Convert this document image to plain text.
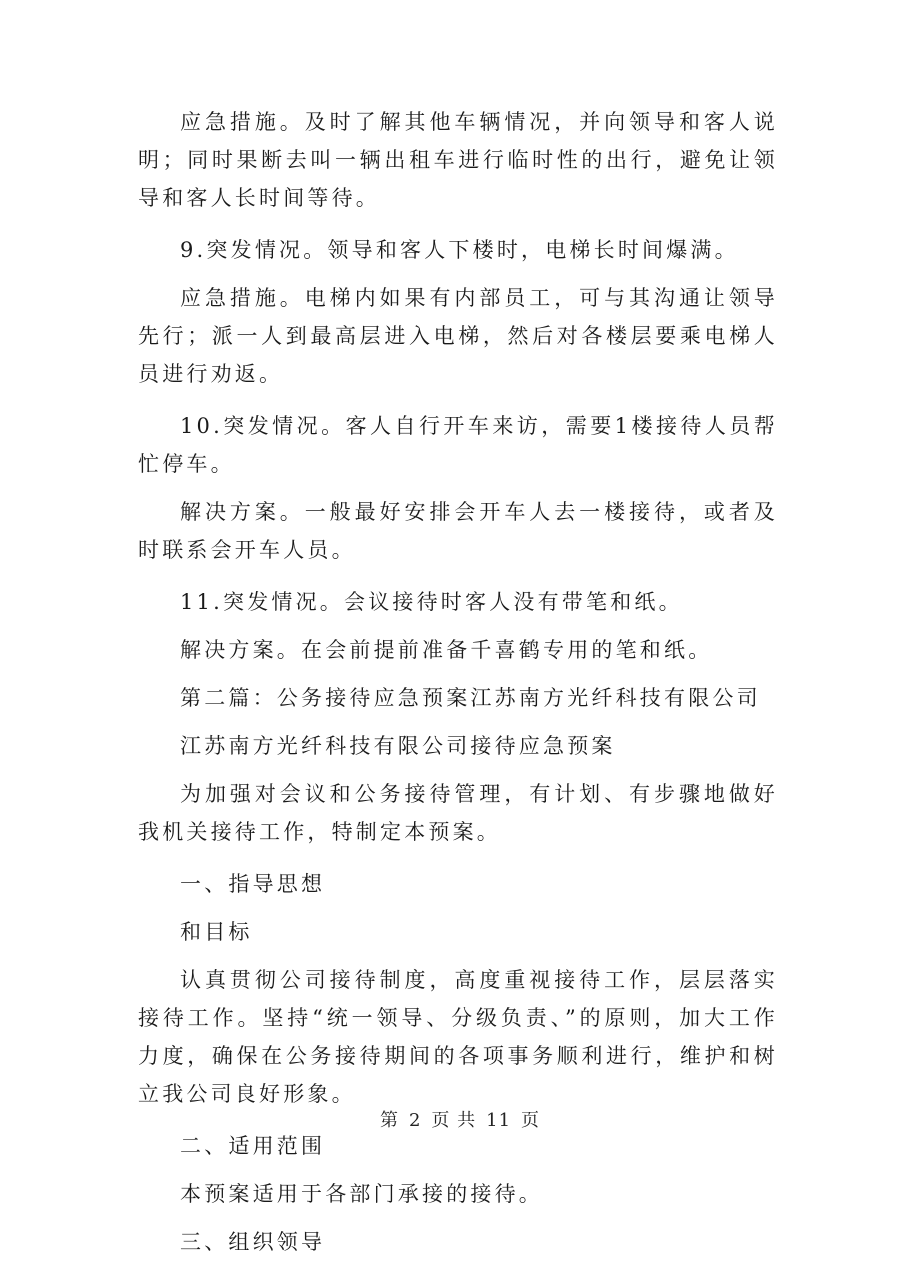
应急措施。及时了解其他车辆情况，并向领导和客人说明；同时果断去叫一辆出租车进行临时性的出行，避免让领导和客人长时间等待。

9.突发情况。领导和客人下楼时，电梯长时间爆满。

应急措施。电梯内如果有内部员工，可与其沟通让领导先行；派一人到最高层进入电梯，然后对各楼层要乘电梯人员进行劝返。

10.突发情况。客人自行开车来访，需要1楼接待人员帮忙停车。

解决方案。一般最好安排会开车人去一楼接待，或者及时联系会开车人员。

11.突发情况。会议接待时客人没有带笔和纸。

解决方案。在会前提前准备千喜鹤专用的笔和纸。

第二篇：公务接待应急预案江苏南方光纤科技有限公司

江苏南方光纤科技有限公司接待应急预案

为加强对会议和公务接待管理，有计划、有步骤地做好我机关接待工作，特制定本预案。

一、指导思想

和目标

认真贯彻公司接待制度，高度重视接待工作，层层落实接待工作。坚持“统一领导、分级负责、”的原则，加大工作力度，确保在公务接待期间的各项事务顺利进行，维护和树立我公司良好形象。

二、适用范围

本预案适用于各部门承接的接待。

三、组织领导

第 2 页 共 11 页
